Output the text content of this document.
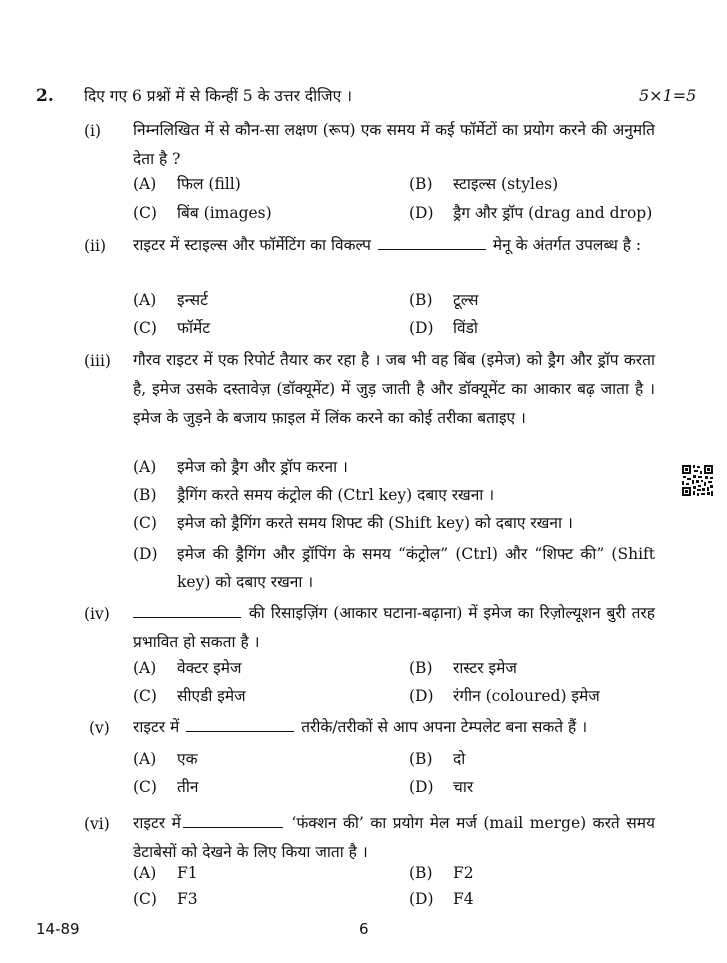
2. दिए गए 6 प्रश्नों में से किन्हीं 5 के उत्तर दीजिए ।	5×1=5
(i) निम्नलिखित में से कौन-सा लक्षण (रूप) एक समय में कई फॉर्मेटों का प्रयोग करने की अनुमति देता है ?
(A) फिल (fill)	(B) स्टाइल्स (styles)
(C) बिंब (images)	(D) ड्रैग और ड्रॉप (drag and drop)
(ii) राइटर में स्टाइल्स और फॉर्मेटिंग का विकल्प	मेनू के अंतर्गत उपलब्ध है :
(A) इन्सर्ट	(B) टूल्स
(C) फॉर्मेट	(D) विंडो
(iii) गौरव राइटर में एक रिपोर्ट तैयार कर रहा है । जब भी वह बिंब (इमेज) को ड्रैग और ड्रॉप करता है, इमेज उसके दस्तावेज़ (डॉक्यूमेंट) में जुड़ जाती है और डॉक्यूमेंट का आकार बढ़ जाता है । इमेज के जुड़ने के बजाय फ़ाइल में लिंक करने का कोई तरीका बताइए ।
(A) इमेज को ड्रैग और ड्रॉप करना ।
(B) ड्रैगिंग करते समय कंट्रोल की (Ctrl key) दबाए रखना ।
(C) इमेज को ड्रैगिंग करते समय शिफ्ट की (Shift key) को दबाए रखना ।
(D) इमेज की ड्रैगिंग और ड्रॉपिंग के समय “कंट्रोल” (Ctrl) और “शिफ्ट की” (Shift key) को दबाए रखना ।
(iv)	की रिसाइज़िंग (आकार घटाना-बढ़ाना) में इमेज का रिज़ोल्यूशन बुरी तरह प्रभावित हो सकता है ।
(A) वेक्टर इमेज	(B) रास्टर इमेज
(C) सीएडी इमेज	(D) रंगीन (coloured) इमेज
(v) राइटर में	तरीके/तरीकों से आप अपना टेम्पलेट बना सकते हैं ।
(A) एक	(B) दो
(C) तीन	(D) चार
(vi) राइटर में	‘फंक्शन की’ का प्रयोग मेल मर्ज (mail merge) करते समय डेटाबेसों को देखने के लिए किया जाता है ।
(A) F1	(B) F2
(C) F3	(D) F4
14-89	6
